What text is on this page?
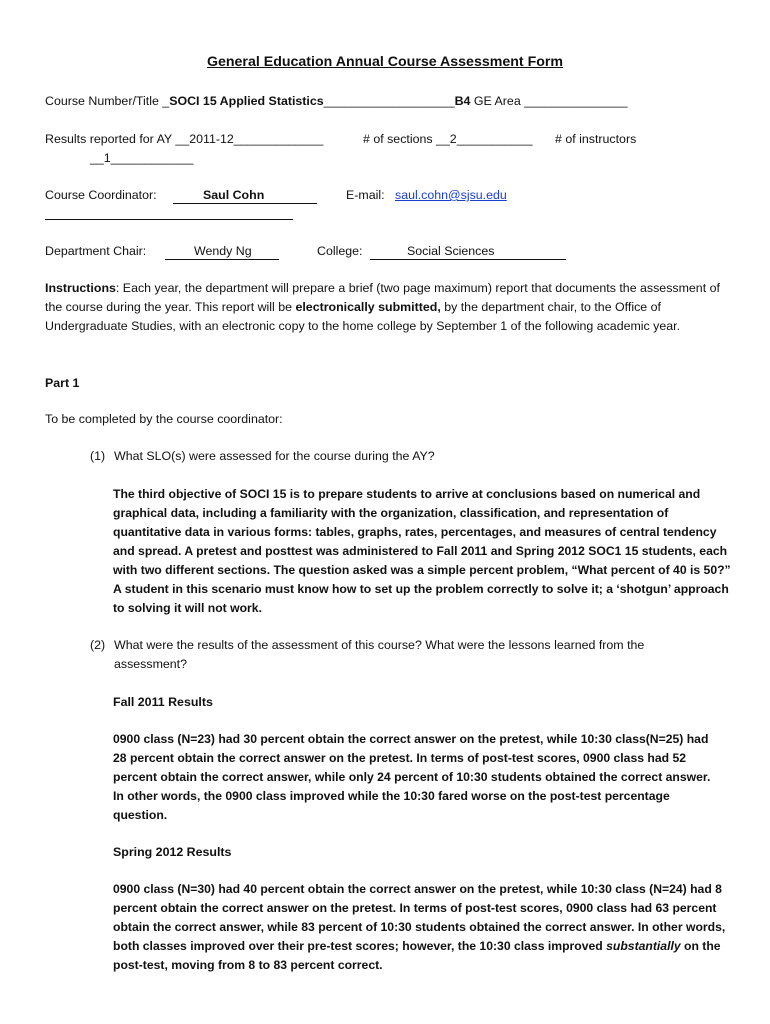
General Education Annual Course Assessment Form
Course Number/Title _SOCI 15 Applied Statistics___________________B4 GE Area _______________
Results reported for AY __2011-12_____________	# of sections __2___________ # of instructors
__1____________
Course Coordinator:	Saul Cohn	E-mail: saul.cohn@sjsu.edu
Department Chair:	Wendy Ng	College:	Social Sciences
Instructions: Each year, the department will prepare a brief (two page maximum) report that documents the assessment of the course during the year. This report will be electronically submitted, by the department chair, to the Office of Undergraduate Studies, with an electronic copy to the home college by September 1 of the following academic year.
Part 1
To be completed by the course coordinator:
(1) What SLO(s) were assessed for the course during the AY?
The third objective of SOCI 15 is to prepare students to arrive at conclusions based on numerical and graphical data, including a familiarity with the organization, classification, and representation of quantitative data in various forms: tables, graphs, rates, percentages, and measures of central tendency and spread. A pretest and posttest was administered to Fall 2011 and Spring 2012 SOC1 15 students, each with two different sections. The question asked was a simple percent problem, “What percent of 40 is 50?” A student in this scenario must know how to set up the problem correctly to solve it; a ‘shotgun’ approach to solving it will not work.
(2) What were the results of the assessment of this course? What were the lessons learned from the assessment?
Fall 2011 Results
0900 class (N=23) had 30 percent obtain the correct answer on the pretest, while 10:30 class(N=25) had 28 percent obtain the correct answer on the pretest. In terms of post-test scores, 0900 class had 52 percent obtain the correct answer, while only 24 percent of 10:30 students obtained the correct answer. In other words, the 0900 class improved while the 10:30 fared worse on the post-test percentage question.
Spring 2012 Results
0900 class (N=30) had 40 percent obtain the correct answer on the pretest, while 10:30 class (N=24) had 8 percent obtain the correct answer on the pretest. In terms of post-test scores, 0900 class had 63 percent obtain the correct answer, while 83 percent of 10:30 students obtained the correct answer. In other words, both classes improved over their pre-test scores; however, the 10:30 class improved substantially on the post-test, moving from 8 to 83 percent correct.
